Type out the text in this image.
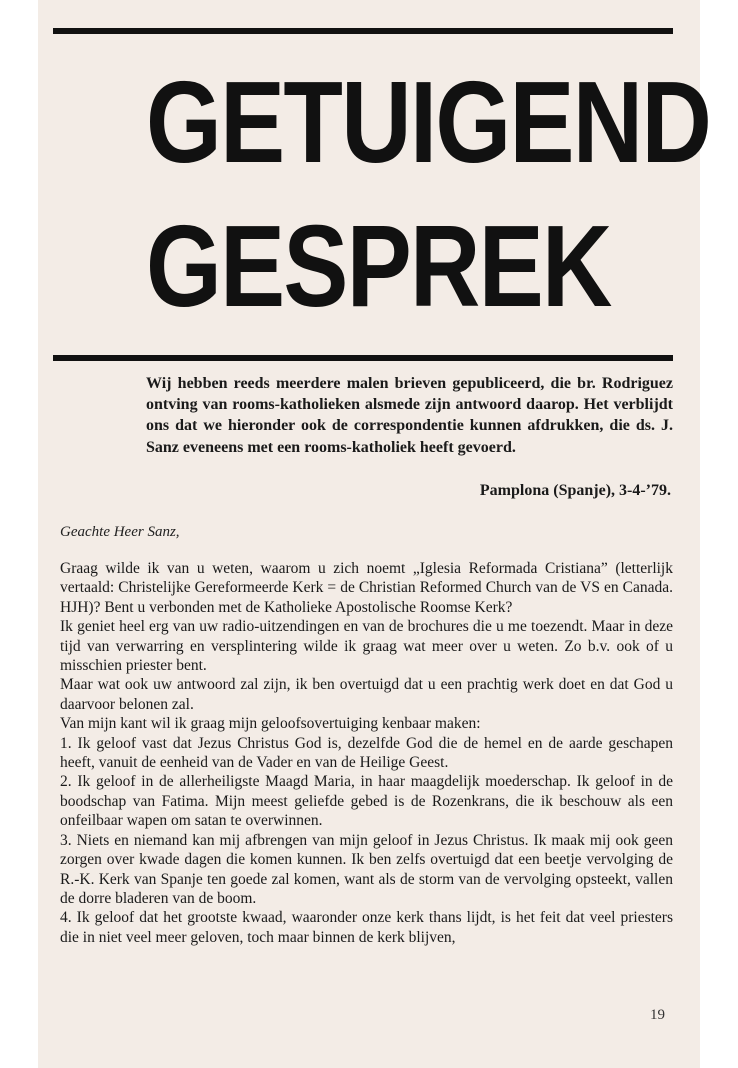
GETUIGEND
GESPREK

Wij hebben reeds meerdere malen brieven gepubliceerd, die br. Rodriguez ontving van rooms-katholieken alsmede zijn antwoord daarop. Het verblijdt ons dat we hieronder ook de correspondentie kunnen afdrukken, die ds. J. Sanz eveneens met een rooms-katholiek heeft gevoerd.

Pamplona (Spanje), 3-4-’79.

Geachte Heer Sanz,

Graag wilde ik van u weten, waarom u zich noemt „Iglesia Reformada Cristiana” (letterlijk vertaald: Christelijke Gereformeerde Kerk = de Christian Reformed Church van de VS en Canada. HJH)? Bent u verbonden met de Katholieke Apostolische Roomse Kerk?

Ik geniet heel erg van uw radio-uitzendingen en van de brochures die u me toezendt. Maar in deze tijd van verwarring en versplintering wilde ik graag wat meer over u weten. Zo b.v. ook of u misschien priester bent.

Maar wat ook uw antwoord zal zijn, ik ben overtuigd dat u een prachtig werk doet en dat God u daarvoor belonen zal.

Van mijn kant wil ik graag mijn geloofsovertuiging kenbaar maken:

1. Ik geloof vast dat Jezus Christus God is, dezelfde God die de hemel en de aarde geschapen heeft, vanuit de eenheid van de Vader en van de Heilige Geest.

2. Ik geloof in de allerheiligste Maagd Maria, in haar maagdelijk moederschap. Ik geloof in de boodschap van Fatima. Mijn meest geliefde gebed is de Rozenkrans, die ik beschouw als een onfeilbaar wapen om satan te overwinnen.

3. Niets en niemand kan mij afbrengen van mijn geloof in Jezus Christus. Ik maak mij ook geen zorgen over kwade dagen die komen kunnen. Ik ben zelfs overtuigd dat een beetje vervolging de R.-K. Kerk van Spanje ten goede zal komen, want als de storm van de vervolging opsteekt, vallen de dorre bladeren van de boom.

4. Ik geloof dat het grootste kwaad, waaronder onze kerk thans lijdt, is het feit dat veel priesters die in niet veel meer geloven, toch maar binnen de kerk blijven,

19
